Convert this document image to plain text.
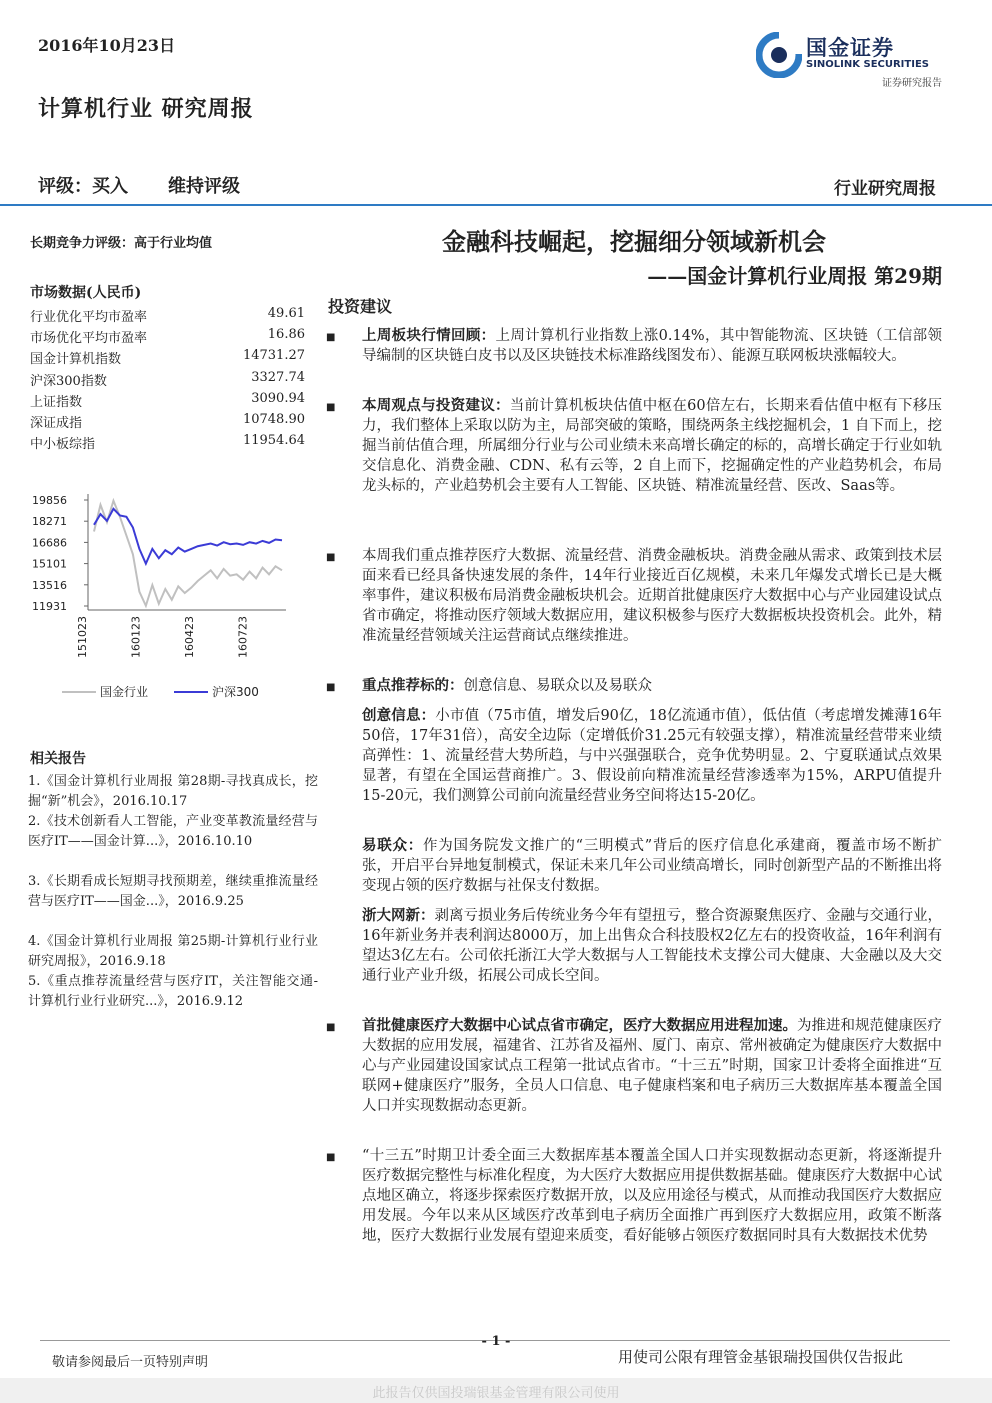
2016年10月23日	国金证券
SINOLINK SECURITIES
证券研究报告
计算机行业 研究周报
评级：买入 维持评级	行业研究周报
长期竞争力评级：高于行业均值
市场数据(人民币)
行业优化平均市盈率	49.61
市场优化平均市盈率	16.86
国金计算机指数	14731.27
沪深300指数	3327.74
上证指数	3090.94
深证成指	10748.90
中小板综指	11954.64
19856
18271
16686
15101
13516
11931
151023	160123	160423	160723
国金行业	沪深300
相关报告
1.《国金计算机行业周报 第28期-寻找真成长，挖掘“新”机会》，2016.10.17
2.《技术创新看人工智能，产业变革教流量经营与医疗IT——国金计算...》，2016.10.10
3.《长期看成长短期寻找预期差，继续重推流量经营与医疗IT——国金...》，2016.9.25
4.《国金计算机行业周报 第25期-计算机行业行业研究周报》，2016.9.18
5.《重点推荐流量经营与医疗IT，关注智能交通-计算机行业行业研究...》，2016.9.12
金融科技崛起，挖掘细分领域新机会
——国金计算机行业周报 第29期
投资建议
■ 上周板块行情回顾：上周计算机行业指数上涨0.14%，其中智能物流、区块链（工信部领导编制的区块链白皮书以及区块链技术标准路线图发布）、能源互联网板块涨幅较大。
■ 本周观点与投资建议：当前计算机板块估值中枢在60倍左右，长期来看估值中枢有下移压力，我们整体上采取以防为主，局部突破的策略，围绕两条主线挖掘机会，1 自下而上，挖掘当前估值合理，所属细分行业与公司业绩未来高增长确定的标的，高增长确定于行业如轨交信息化、消费金融、CDN、私有云等，2 自上而下，挖掘确定性的产业趋势机会，布局龙头标的，产业趋势机会主要有人工智能、区块链、精准流量经营、医改、Saas等。
■ 本周我们重点推荐医疗大数据、流量经营、消费金融板块。消费金融从需求、政策到技术层面来看已经具备快速发展的条件，14年行业接近百亿规模，未来几年爆发式增长已是大概率事件，建议积极布局消费金融板块机会。近期首批健康医疗大数据中心与产业园建设试点省市确定，将推动医疗领域大数据应用，建议积极参与医疗大数据板块投资机会。此外，精准流量经营领域关注运营商试点继续推进。
■ 重点推荐标的：创意信息、易联众以及易联众
创意信息：小市值（75市值，增发后90亿，18亿流通市值），低估值（考虑增发摊薄16年50倍，17年31倍），高安全边际（定增低价31.25元有较强支撑），精准流量经营带来业绩高弹性：1、流量经营大势所趋，与中兴强强联合，竞争优势明显。2、宁夏联通试点效果显著，有望在全国运营商推广。3、假设前向精准流量经营渗透率为15%，ARPU值提升15-20元，我们测算公司前向流量经营业务空间将达15-20亿。
易联众：作为国务院发文推广的“三明模式”背后的医疗信息化承建商，覆盖市场不断扩张，开启平台异地复制模式，保证未来几年公司业绩高增长，同时创新型产品的不断推出将变现占领的医疗数据与社保支付数据。
浙大网新：剥离亏损业务后传统业务今年有望扭亏，整合资源聚焦医疗、金融与交通行业，16年新业务并表利润达8000万，加上出售众合科技股权2亿左右的投资收益，16年利润有望达3亿左右。公司依托浙江大学大数据与人工智能技术支撑公司大健康、大金融以及大交通行业产业升级，拓展公司成长空间。
■ 首批健康医疗大数据中心试点省市确定，医疗大数据应用进程加速。为推进和规范健康医疗大数据的应用发展，福建省、江苏省及福州、厦门、南京、常州被确定为健康医疗大数据中心与产业园建设国家试点工程第一批试点省市。“十三五”时期，国家卫计委将全面推进“互联网+健康医疗”服务，全员人口信息、电子健康档案和电子病历三大数据库基本覆盖全国人口并实现数据动态更新。
■ “十三五”时期卫计委全面三大数据库基本覆盖全国人口并实现数据动态更新，将逐渐提升医疗数据完整性与标准化程度，为大医疗大数据应用提供数据基础。健康医疗大数据中心试点地区确立，将逐步探索医疗数据开放，以及应用途径与模式，从而推动我国医疗大数据应用发展。今年以来从区域医疗改革到电子病历全面推广再到医疗大数据应用，政策不断落地，医疗大数据行业发展有望迎来质变，看好能够占领医疗数据同时具有大数据技术优势
- 1 -
敬请参阅最后一页特别声明	用使司公限有理管金基银瑞投国供仅告报此
此报告仅供国投瑞银基金管理有限公司使用
